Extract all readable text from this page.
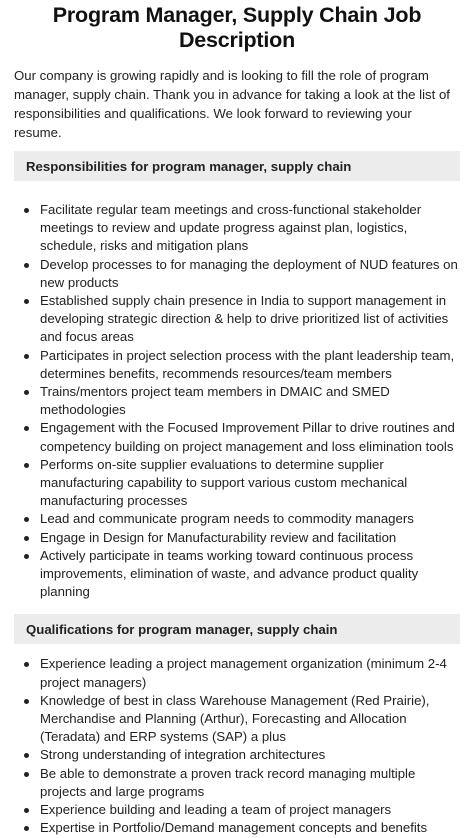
Program Manager, Supply Chain Job Description

Our company is growing rapidly and is looking to fill the role of program manager, supply chain. Thank you in advance for taking a look at the list of responsibilities and qualifications. We look forward to reviewing your resume.

Responsibilities for program manager, supply chain
Facilitate regular team meetings and cross-functional stakeholder meetings to review and update progress against plan, logistics, schedule, risks and mitigation plans
Develop processes to for managing the deployment of NUD features on new products
Established supply chain presence in India to support management in developing strategic direction & help to drive prioritized list of activities and focus areas
Participates in project selection process with the plant leadership team, determines benefits, recommends resources/team members
Trains/mentors project team members in DMAIC and SMED methodologies
Engagement with the Focused Improvement Pillar to drive routines and competency building on project management and loss elimination tools
Performs on-site supplier evaluations to determine supplier manufacturing capability to support various custom mechanical manufacturing processes
Lead and communicate program needs to commodity managers
Engage in Design for Manufacturability review and facilitation
Actively participate in teams working toward continuous process improvements, elimination of waste, and advance product quality planning
Qualifications for program manager, supply chain
Experience leading a project management organization (minimum 2-4 project managers)
Knowledge of best in class Warehouse Management (Red Prairie), Merchandise and Planning (Arthur), Forecasting and Allocation (Teradata) and ERP systems (SAP) a plus
Strong understanding of integration architectures
Be able to demonstrate a proven track record managing multiple projects and large programs
Experience building and leading a team of project managers
Expertise in Portfolio/Demand management concepts and benefits
